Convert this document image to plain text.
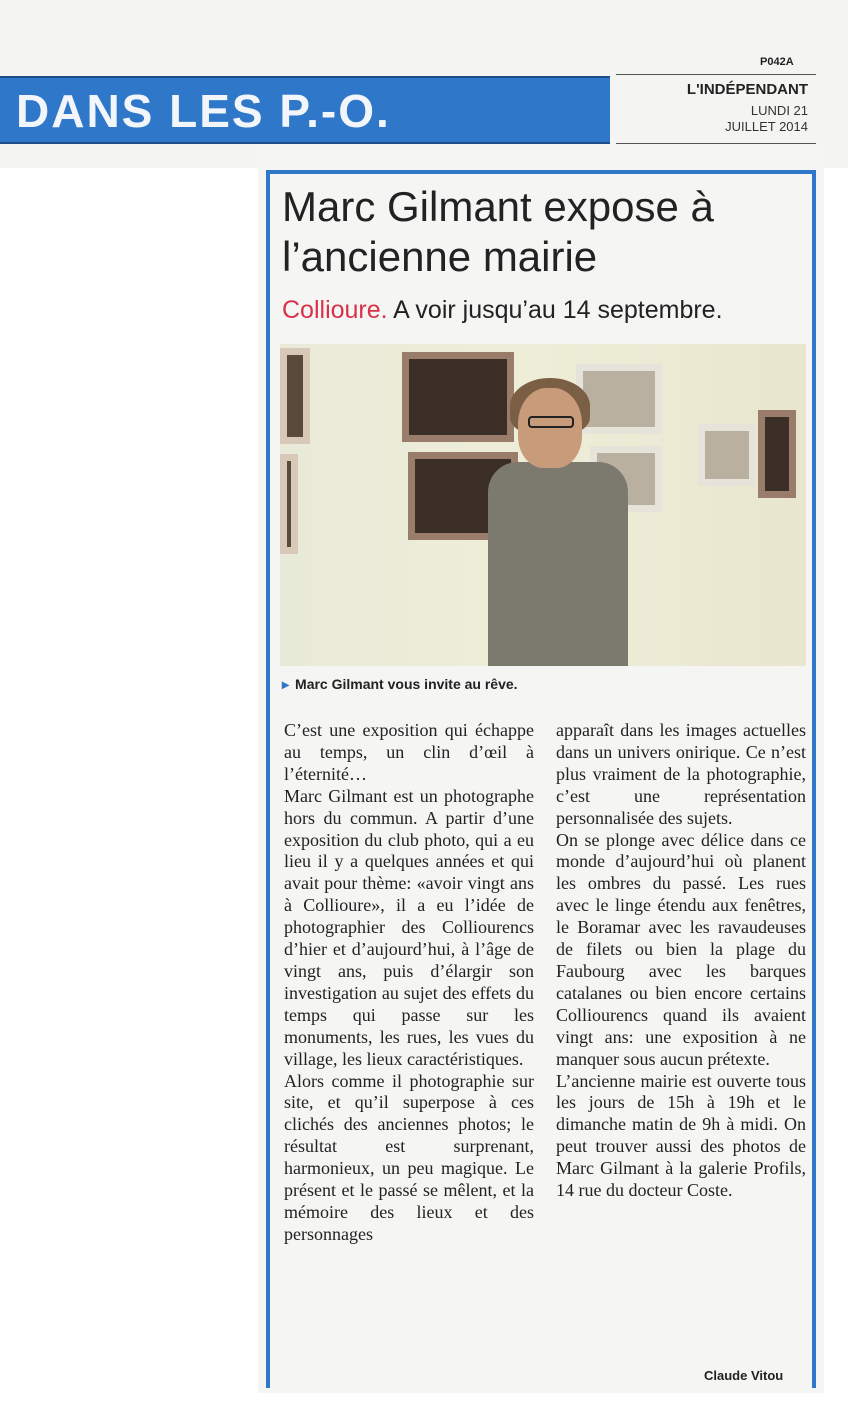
P042A
DANS LES P.-O.	L'INDÉPENDANT
LUNDI 21
JUILLET 2014
Marc Gilmant expose à l’ancienne mairie
Collioure. A voir jusqu’au 14 septembre.
▸ Marc Gilmant vous invite au rêve.

C’est une exposition qui échappe au temps, un clin d’œil à l’éternité…

Marc Gilmant est un photographe hors du commun. A partir d’une exposition du club photo, qui a eu lieu il y a quelques années et qui avait pour thème: «avoir vingt ans à Collioure», il a eu l’idée de photographier des Colliourencs d’hier et d’aujourd’hui, à l’âge de vingt ans, puis d’élargir son investigation au sujet des effets du temps qui passe sur les monuments, les rues, les vues du village, les lieux caractéristiques.

Alors comme il photographie sur site, et qu’il superpose à ces clichés des anciennes photos; le résultat est surprenant, harmonieux, un peu magique. Le présent et le passé se mêlent, et la mémoire des lieux et des personnages

apparaît dans les images actuelles dans un univers onirique. Ce n’est plus vraiment de la photographie, c’est une représentation personnalisée des sujets.

On se plonge avec délice dans ce monde d’aujourd’hui où planent les ombres du passé. Les rues avec le linge étendu aux fenêtres, le Boramar avec les ravaudeuses de filets ou bien la plage du Faubourg avec les barques catalanes ou bien encore certains Colliourencs quand ils avaient vingt ans: une exposition à ne manquer sous aucun prétexte.

L’ancienne mairie est ouverte tous les jours de 15h à 19h et le dimanche matin de 9h à midi. On peut trouver aussi des photos de Marc Gilmant à la galerie Profils, 14 rue du docteur Coste.

Claude Vitou
